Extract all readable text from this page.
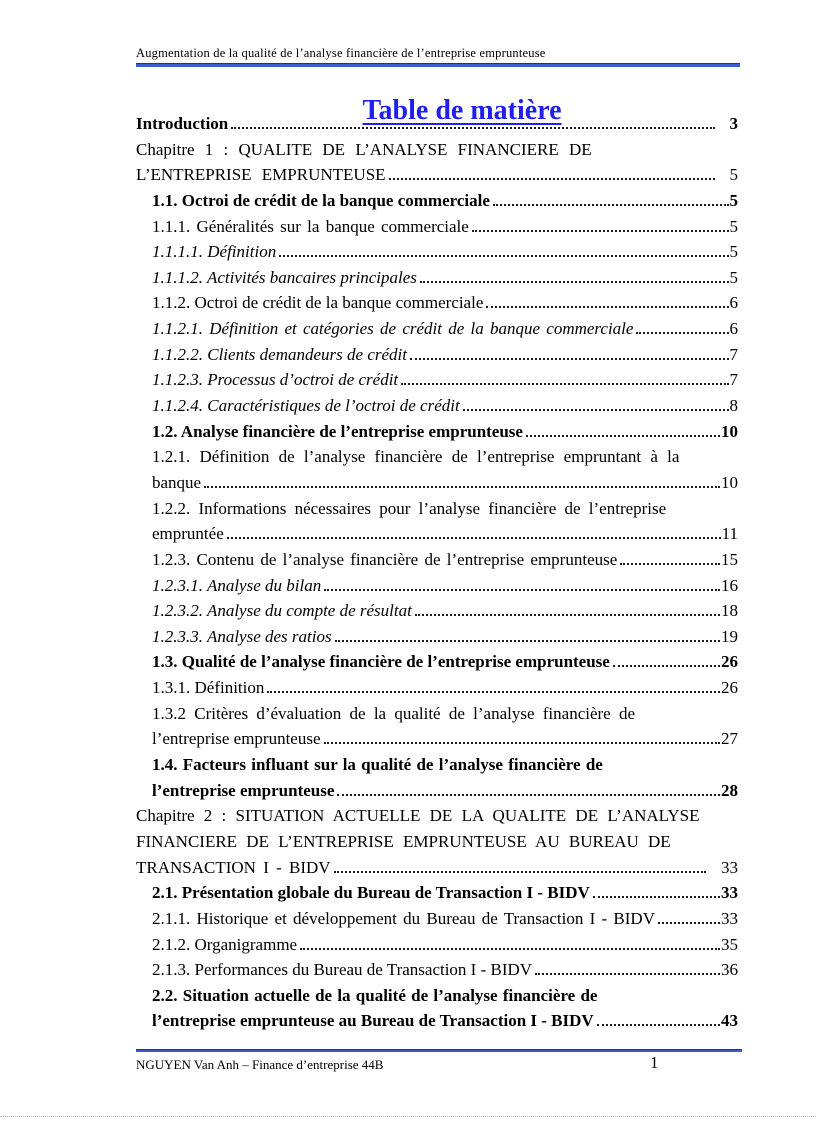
Augmentation de la qualité de l’analyse financière de l’entreprise emprunteuse
Table de matière
Introduction	3
Chapitre 1 : QUALITE DE L’ANALYSE FINANCIERE DE
L’ENTREPRISE EMPRUNTEUSE	5
1.1. Octroi de crédit de la banque commerciale	5
1.1.1. Généralités sur la banque commerciale	5
1.1.1.1. Définition	5
1.1.1.2. Activités bancaires principales	5
1.1.2. Octroi de crédit de la banque commerciale	6
1.1.2.1. Définition et catégories de crédit de la banque commerciale	6
1.1.2.2. Clients demandeurs de crédit	7
1.1.2.3. Processus d’octroi de crédit	7
1.1.2.4. Caractéristiques de l’octroi de crédit	8
1.2. Analyse financière de l’entreprise emprunteuse	10
1.2.1. Définition de l’analyse financière de l’entreprise empruntant à la
banque	10
1.2.2. Informations nécessaires pour l’analyse financière de l’entreprise
empruntée	11
1.2.3. Contenu de l’analyse financière de l’entreprise emprunteuse	15
1.2.3.1. Analyse du bilan	16
1.2.3.2. Analyse du compte de résultat	18
1.2.3.3. Analyse des ratios	19
1.3. Qualité de l’analyse financière de l’entreprise emprunteuse	26
1.3.1. Définition	26
1.3.2 Critères d’évaluation de la qualité de l’analyse financière de
l’entreprise emprunteuse	27
1.4. Facteurs influant sur la qualité de l’analyse financière de
l’entreprise emprunteuse	28
Chapitre 2 : SITUATION ACTUELLE DE LA QUALITE DE L’ANALYSE
FINANCIERE DE L’ENTREPRISE EMPRUNTEUSE AU BUREAU DE
TRANSACTION I - BIDV	33
2.1. Présentation globale du Bureau de Transaction I - BIDV	33
2.1.1. Historique et développement du Bureau de Transaction I - BIDV	33
2.1.2. Organigramme	35
2.1.3. Performances du Bureau de Transaction I - BIDV	36
2.2. Situation actuelle de la qualité de l’analyse financière de
l’entreprise emprunteuse au Bureau de Transaction I - BIDV	43
NGUYEN Van Anh – Finance d’entreprise 44B	1
